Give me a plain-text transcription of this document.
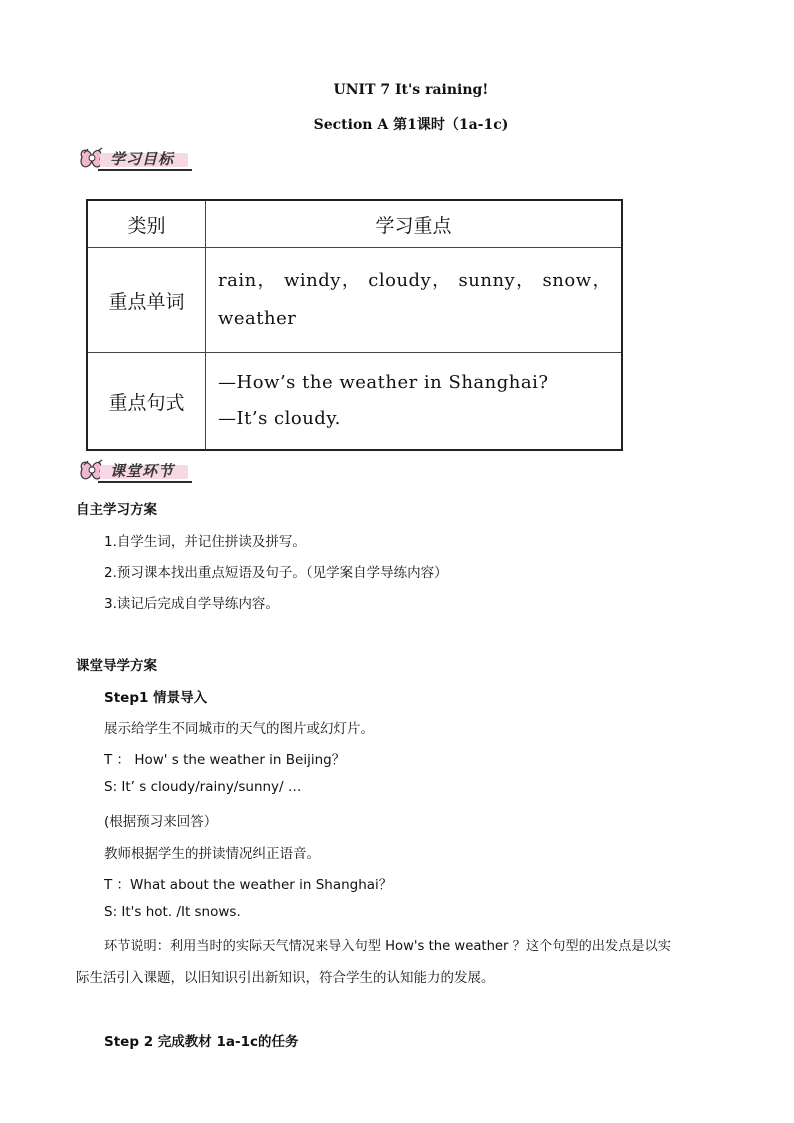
UNIT 7 It's raining!
Section A 第1课时（1a-1c)
学习目标
类别	学习重点
重点单词	rain， windy， cloudy， sunny， snow，
weather

重点句式	—How’s the weather in Shanghai?
—It’s cloudy.
课堂环节
自主学习方案
1.自学生词，并记住拼读及拼写。
2.预习课本找出重点短语及句子。（见学案自学导练内容）
3.读记后完成自学导练内容。
课堂导学方案
Step1 情景导入
展示给学生不同城市的天气的图片或幻灯片。
T ： How' s the weather in Beijing？
S: It’ s cloudy/rainy/sunny/ …
(根据预习来回答）
教师根据学生的拼读情况纠正语音。
T ：What about the weather in Shanghai？
S: It's hot. /It snows.
环节说明：利用当时的实际天气情况来导入句型 How's the weather ？这个句型的出发点是以实
际生活引入课题，以旧知识引出新知识，符合学生的认知能力的发展。
Step 2 完成教材 1a-1c的任务
